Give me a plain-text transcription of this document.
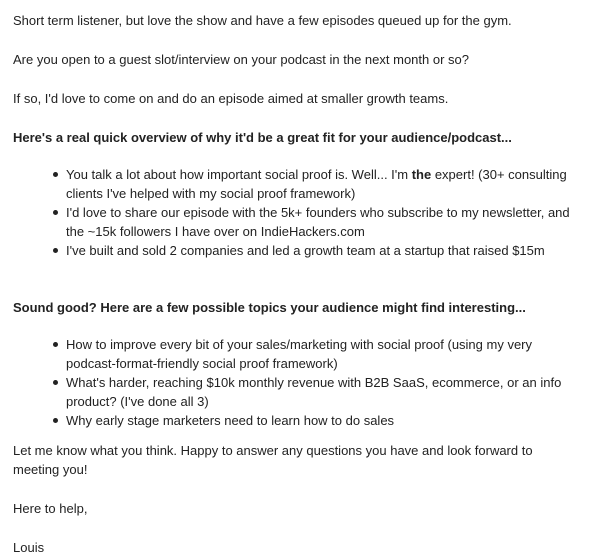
Short term listener, but love the show and have a few episodes queued up for the gym.

Are you open to a guest slot/interview on your podcast in the next month or so?

If so, I'd love to come on and do an episode aimed at smaller growth teams.

Here's a real quick overview of why it'd be a great fit for your audience/podcast...

You talk a lot about how important social proof is. Well... I'm the expert! (30+ consulting clients I've helped with my social proof framework)
I'd love to share our episode with the 5k+ founders who subscribe to my newsletter, and the ~15k followers I have over on IndieHackers.com
I've built and sold 2 companies and led a growth team at a startup that raised $15m

Sound good? Here are a few possible topics your audience might find interesting...

How to improve every bit of your sales/marketing with social proof (using my very podcast-format-friendly social proof framework)
What's harder, reaching $10k monthly revenue with B2B SaaS, ecommerce, or an info product? (I've done all 3)
Why early stage marketers need to learn how to do sales

Let me know what you think. Happy to answer any questions you have and look forward to meeting you!

Here to help,

Louis
